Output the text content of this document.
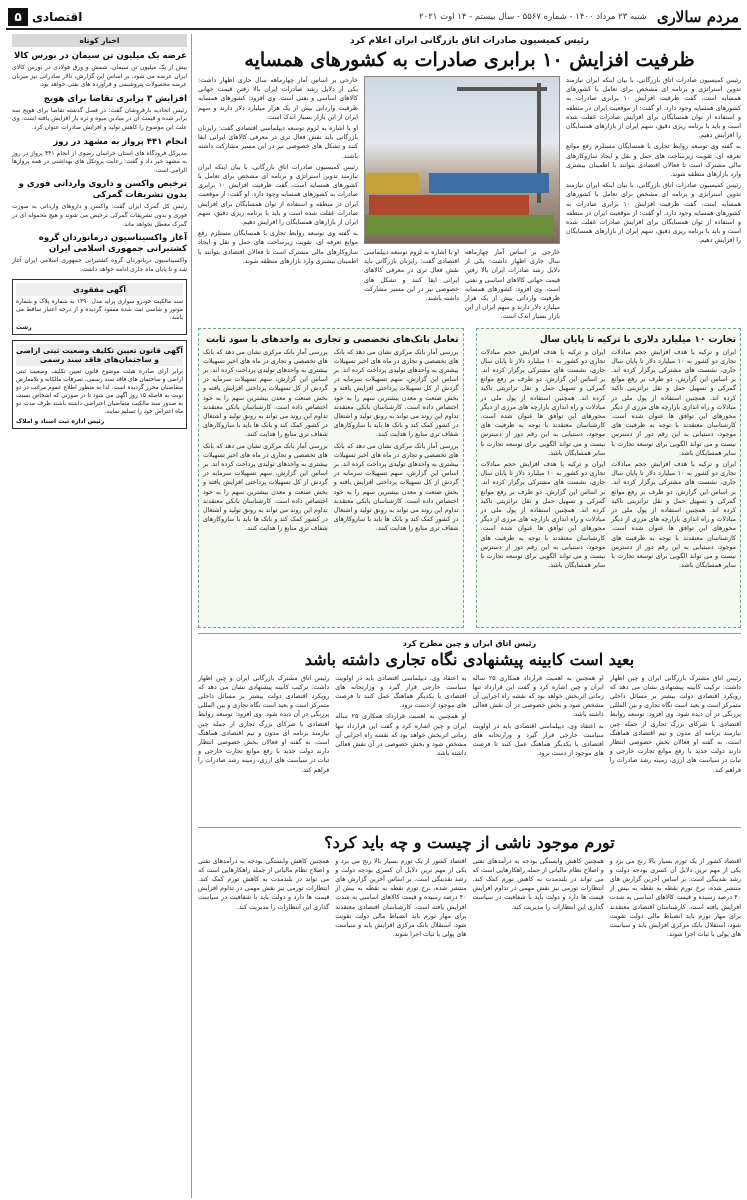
مردم سالاری
شنبه ۲۳ مرداد ۱۴۰۰ - شماره ۵۵۶۷ - سال بیستم - ۱۴ اوت ۲۰۲۱
اقتصادی
۵
رئیس کمیسیون صادرات اتاق بازرگانی ایران اعلام کرد
ظرفیت افزایش ۱۰ برابری صادرات به کشورهای همسایه

رئیس کمیسیون صادرات اتاق بازرگانی، با بیان اینکه ایران نیازمند تدوین استراتژی و برنامه ای مشخص برای تعامل با کشورهای همسایه است، گفت ظرفیت افزایش ۱۰ برابری صادرات به کشورهای همسایه وجود دارد. او گفت: از موقعیت ایران در منطقه و استفاده از توان همسایگان برای افزایش صادرات غفلت شده است و باید با برنامه ریزی دقیق، سهم ایران از بازارهای همسایگان را افزایش دهیم.

به گفته وی توسعه روابط تجاری با همسایگان مستلزم رفع موانع تعرفه ای، تقویت زیرساخت های حمل و نقل و ایجاد سازوکارهای مالی مشترک است تا فعالان اقتصادی بتوانند با اطمینان بیشتری وارد بازارهای منطقه شوند.

رئیس کمیسیون صادرات اتاق بازرگانی، با بیان اینکه ایران نیازمند تدوین استراتژی و برنامه ای مشخص برای تعامل با کشورهای همسایه است، گفت ظرفیت افزایش ۱۰ برابری صادرات به کشورهای همسایه وجود دارد. او گفت: از موقعیت ایران در منطقه و استفاده از توان همسایگان برای افزایش صادرات غفلت شده است و باید با برنامه ریزی دقیق، سهم ایران از بازارهای همسایگان را افزایش دهیم.

خارجی بر اساس آمار چهارماهه سال جاری اظهار داشت: یکی از دلایل رشد صادرات ایران بالا رفتن قیمت جهانی کالاهای اساسی و نفتی است. وی افزود: کشورهای همسایه ظرفیت وارداتی بیش از یک هزار میلیارد دلار دارند و سهم ایران از این بازار بسیار اندک است.

او با اشاره به لزوم توسعه دیپلماسی اقتصادی گفت: رایزنان بازرگانی باید نقش فعال تری در معرفی کالاهای ایرانی ایفا کنند و تشکل های خصوصی نیز در این مسیر مشارکت داشته باشند.

خارجی بر اساس آمار چهارماهه سال جاری اظهار داشت: یکی از دلایل رشد صادرات ایران بالا رفتن قیمت جهانی کالاهای اساسی و نفتی است. وی افزود: کشورهای همسایه ظرفیت وارداتی بیش از یک هزار میلیارد دلار دارند و سهم ایران از این بازار بسیار اندک است.

او با اشاره به لزوم توسعه دیپلماسی اقتصادی گفت: رایزنان بازرگانی باید نقش فعال تری در معرفی کالاهای ایرانی ایفا کنند و تشکل های خصوصی نیز در این مسیر مشارکت داشته باشند.

رئیس کمیسیون صادرات اتاق بازرگانی، با بیان اینکه ایران نیازمند تدوین استراتژی و برنامه ای مشخص برای تعامل با کشورهای همسایه است، گفت ظرفیت افزایش ۱۰ برابری صادرات به کشورهای همسایه وجود دارد. او گفت: از موقعیت ایران در منطقه و استفاده از توان همسایگان برای افزایش صادرات غفلت شده است و باید با برنامه ریزی دقیق، سهم ایران از بازارهای همسایگان را افزایش دهیم.

به گفته وی توسعه روابط تجاری با همسایگان مستلزم رفع موانع تعرفه ای، تقویت زیرساخت های حمل و نقل و ایجاد سازوکارهای مالی مشترک است تا فعالان اقتصادی بتوانند با اطمینان بیشتری وارد بازارهای منطقه شوند.

تجارت ۱۰ میلیارد دلاری با ترکیه تا پایان سال

ایران و ترکیه با هدف افزایش حجم مبادلات تجاری دو کشور به ۱۰ میلیارد دلار تا پایان سال جاری، نشست های مشترکی برگزار کرده اند. بر اساس این گزارش، دو طرف بر رفع موانع گمرکی و تسهیل حمل و نقل ترانزیتی تاکید کرده اند. همچنین استفاده از پول ملی در مبادلات و راه اندازی بازارچه های مرزی از دیگر محورهای این توافق ها عنوان شده است. کارشناسان معتقدند با توجه به ظرفیت های موجود، دستیابی به این رقم دور از دسترس نیست و می تواند الگویی برای توسعه تجارت با سایر همسایگان باشد.

ایران و ترکیه با هدف افزایش حجم مبادلات تجاری دو کشور به ۱۰ میلیارد دلار تا پایان سال جاری، نشست های مشترکی برگزار کرده اند. بر اساس این گزارش، دو طرف بر رفع موانع گمرکی و تسهیل حمل و نقل ترانزیتی تاکید کرده اند. همچنین استفاده از پول ملی در مبادلات و راه اندازی بازارچه های مرزی از دیگر محورهای این توافق ها عنوان شده است. کارشناسان معتقدند با توجه به ظرفیت های موجود، دستیابی به این رقم دور از دسترس نیست و می تواند الگویی برای توسعه تجارت با سایر همسایگان باشد.

ایران و ترکیه با هدف افزایش حجم مبادلات تجاری دو کشور به ۱۰ میلیارد دلار تا پایان سال جاری، نشست های مشترکی برگزار کرده اند. بر اساس این گزارش، دو طرف بر رفع موانع گمرکی و تسهیل حمل و نقل ترانزیتی تاکید کرده اند. همچنین استفاده از پول ملی در مبادلات و راه اندازی بازارچه های مرزی از دیگر محورهای این توافق ها عنوان شده است. کارشناسان معتقدند با توجه به ظرفیت های موجود، دستیابی به این رقم دور از دسترس نیست و می تواند الگویی برای توسعه تجارت با سایر همسایگان باشد.

ایران و ترکیه با هدف افزایش حجم مبادلات تجاری دو کشور به ۱۰ میلیارد دلار تا پایان سال جاری، نشست های مشترکی برگزار کرده اند. بر اساس این گزارش، دو طرف بر رفع موانع گمرکی و تسهیل حمل و نقل ترانزیتی تاکید کرده اند. همچنین استفاده از پول ملی در مبادلات و راه اندازی بازارچه های مرزی از دیگر محورهای این توافق ها عنوان شده است. کارشناسان معتقدند با توجه به ظرفیت های موجود، دستیابی به این رقم دور از دسترس نیست و می تواند الگویی برای توسعه تجارت با سایر همسایگان باشد.

تعامل بانک‌های تخصصی و تجاری به واحدهای با سود ثابت

بررسی آمار بانک مرکزی نشان می دهد که بانک های تخصصی و تجاری در ماه های اخیر تسهیلات بیشتری به واحدهای تولیدی پرداخت کرده اند. بر اساس این گزارش، سهم تسهیلات سرمایه در گردش از کل تسهیلات پرداختی افزایش یافته و بخش صنعت و معدن بیشترین سهم را به خود اختصاص داده است. کارشناسان بانکی معتقدند تداوم این روند می تواند به رونق تولید و اشتغال در کشور کمک کند و بانک ها باید با سازوکارهای شفاف تری منابع را هدایت کنند.

بررسی آمار بانک مرکزی نشان می دهد که بانک های تخصصی و تجاری در ماه های اخیر تسهیلات بیشتری به واحدهای تولیدی پرداخت کرده اند. بر اساس این گزارش، سهم تسهیلات سرمایه در گردش از کل تسهیلات پرداختی افزایش یافته و بخش صنعت و معدن بیشترین سهم را به خود اختصاص داده است. کارشناسان بانکی معتقدند تداوم این روند می تواند به رونق تولید و اشتغال در کشور کمک کند و بانک ها باید با سازوکارهای شفاف تری منابع را هدایت کنند.

بررسی آمار بانک مرکزی نشان می دهد که بانک های تخصصی و تجاری در ماه های اخیر تسهیلات بیشتری به واحدهای تولیدی پرداخت کرده اند. بر اساس این گزارش، سهم تسهیلات سرمایه در گردش از کل تسهیلات پرداختی افزایش یافته و بخش صنعت و معدن بیشترین سهم را به خود اختصاص داده است. کارشناسان بانکی معتقدند تداوم این روند می تواند به رونق تولید و اشتغال در کشور کمک کند و بانک ها باید با سازوکارهای شفاف تری منابع را هدایت کنند.

بررسی آمار بانک مرکزی نشان می دهد که بانک های تخصصی و تجاری در ماه های اخیر تسهیلات بیشتری به واحدهای تولیدی پرداخت کرده اند. بر اساس این گزارش، سهم تسهیلات سرمایه در گردش از کل تسهیلات پرداختی افزایش یافته و بخش صنعت و معدن بیشترین سهم را به خود اختصاص داده است. کارشناسان بانکی معتقدند تداوم این روند می تواند به رونق تولید و اشتغال در کشور کمک کند و بانک ها باید با سازوکارهای شفاف تری منابع را هدایت کنند.

رئیس اتاق ایران و چین مطرح کرد
بعید است کابینه پیشنهادی نگاه تجاری داشته باشد

رئیس اتاق مشترک بازرگانی ایران و چین اظهار داشت: ترکیب کابینه پیشنهادی نشان می دهد که رویکرد اقتصادی دولت بیشتر بر مسائل داخلی متمرکز است و بعید است نگاه تجاری و بین المللی پررنگی در آن دیده شود. وی افزود: توسعه روابط اقتصادی با شرکای بزرگ تجاری از جمله چین نیازمند برنامه ای مدون و تیم اقتصادی هماهنگ است. به گفته او فعالان بخش خصوصی انتظار دارند دولت جدید با رفع موانع تجارت خارجی و ثبات در سیاست های ارزی، زمینه رشد صادرات را فراهم کند.

او همچنین به اهمیت قرارداد همکاری ۲۵ ساله ایران و چین اشاره کرد و گفت این قرارداد تنها زمانی اثربخش خواهد بود که نقشه راه اجرایی آن مشخص شود و بخش خصوصی در آن نقش فعالی داشته باشد.

به اعتقاد وی، دیپلماسی اقتصادی باید در اولویت سیاست خارجی قرار گیرد و وزارتخانه های اقتصادی با یکدیگر هماهنگ عمل کنند تا فرصت های موجود از دست نرود.

به اعتقاد وی، دیپلماسی اقتصادی باید در اولویت سیاست خارجی قرار گیرد و وزارتخانه های اقتصادی با یکدیگر هماهنگ عمل کنند تا فرصت های موجود از دست نرود.

او همچنین به اهمیت قرارداد همکاری ۲۵ ساله ایران و چین اشاره کرد و گفت این قرارداد تنها زمانی اثربخش خواهد بود که نقشه راه اجرایی آن مشخص شود و بخش خصوصی در آن نقش فعالی داشته باشد.

رئیس اتاق مشترک بازرگانی ایران و چین اظهار داشت: ترکیب کابینه پیشنهادی نشان می دهد که رویکرد اقتصادی دولت بیشتر بر مسائل داخلی متمرکز است و بعید است نگاه تجاری و بین المللی پررنگی در آن دیده شود. وی افزود: توسعه روابط اقتصادی با شرکای بزرگ تجاری از جمله چین نیازمند برنامه ای مدون و تیم اقتصادی هماهنگ است. به گفته او فعالان بخش خصوصی انتظار دارند دولت جدید با رفع موانع تجارت خارجی و ثبات در سیاست های ارزی، زمینه رشد صادرات را فراهم کند.

تورم موجود ناشی از چیست و چه باید کرد؟

اقتصاد کشور از یک تورم بسیار بالا رنج می برد و یکی از مهم ترین دلایل آن کسری بودجه دولت و رشد نقدینگی است. بر اساس آخرین گزارش های منتشر شده، نرخ تورم نقطه به نقطه به بیش از ۴۰ درصد رسیده و قیمت کالاهای اساسی به شدت افزایش یافته است. کارشناسان اقتصادی معتقدند برای مهار تورم باید انضباط مالی دولت تقویت شود، استقلال بانک مرکزی افزایش یابد و سیاست های پولی با ثبات اجرا شوند.

همچنین کاهش وابستگی بودجه به درآمدهای نفتی و اصلاح نظام مالیاتی از جمله راهکارهایی است که می تواند در بلندمدت به کاهش تورم کمک کند. انتظارات تورمی نیز نقش مهمی در تداوم افزایش قیمت ها دارد و دولت باید با شفافیت در سیاست گذاری این انتظارات را مدیریت کند.

اقتصاد کشور از یک تورم بسیار بالا رنج می برد و یکی از مهم ترین دلایل آن کسری بودجه دولت و رشد نقدینگی است. بر اساس آخرین گزارش های منتشر شده، نرخ تورم نقطه به نقطه به بیش از ۴۰ درصد رسیده و قیمت کالاهای اساسی به شدت افزایش یافته است. کارشناسان اقتصادی معتقدند برای مهار تورم باید انضباط مالی دولت تقویت شود، استقلال بانک مرکزی افزایش یابد و سیاست های پولی با ثبات اجرا شوند.

همچنین کاهش وابستگی بودجه به درآمدهای نفتی و اصلاح نظام مالیاتی از جمله راهکارهایی است که می تواند در بلندمدت به کاهش تورم کمک کند. انتظارات تورمی نیز نقش مهمی در تداوم افزایش قیمت ها دارد و دولت باید با شفافیت در سیاست گذاری این انتظارات را مدیریت کند.

اخبار کوتاه
عرضه یک میلیون تن سیمان در بورس کالا

بیش از یک میلیون تن سیمان، شمش و ورق فولادی در بورس کالای ایران عرضه می شود. بر اساس این گزارش، تالار صادراتی نیز میزبان عرضه محصولات پتروشیمی و فرآورده های نفتی خواهد بود.

افزایش ۳ برابری تقاضا برای هویج

رئیس اتحادیه بارفروشان گفت: در فصل گذشته تقاضا برای هویج سه برابر شده و قیمت آن در میادین میوه و تره بار افزایش یافته است. وی علت این موضوع را کاهش تولید و افزایش صادرات عنوان کرد.

انجام ۴۴۱ پرواز به مشهد در روز

مدیرکل فرودگاه های استان خراسان رضوی از انجام ۴۴۱ پرواز در روز به مشهد خبر داد و گفت: رعایت پروتکل های بهداشتی در همه پروازها الزامی است.

ترخیص واکسن و داروی وارداتی فوری و بدون تشریفات گمرکی

رئیس کل گمرک ایران گفت: واکسن و داروهای وارداتی به صورت فوری و بدون تشریفات گمرکی ترخیص می شوند و هیچ محموله ای در گمرک معطل نخواهد ماند.

آغاز واکسیناسیون درمانوردان گروه کشتیرانی جمهوری اسلامی ایران

واکسیناسیون دریانوردان گروه کشتیرانی جمهوری اسلامی ایران آغاز شد و تا پایان ماه جاری ادامه خواهد داشت.

آگهی مفقودی

سند مالکیت خودرو سواری پراید مدل ۱۳۹۰ به شماره پلاک و شماره موتور و شاسی ثبت شده مفقود گردیده و از درجه اعتبار ساقط می باشد.

رشت
آگهی قانون تعیین تکلیف وضعیت ثبتی اراضی و ساختمان‌های فاقد سند رسمی

برابر آرای صادره هیئت موضوع قانون تعیین تکلیف وضعیت ثبتی اراضی و ساختمان های فاقد سند رسمی، تصرفات مالکانه و بلامعارض متقاضیان محرز گردیده است. لذا به منظور اطلاع عموم مراتب در دو نوبت به فاصله ۱۵ روز آگهی می شود تا در صورتی که اشخاص نسبت به صدور سند مالکیت متقاضیان اعتراضی داشته باشند ظرف مدت دو ماه اعتراض خود را تسلیم نمایند.

رئیس اداره ثبت اسناد و املاک
